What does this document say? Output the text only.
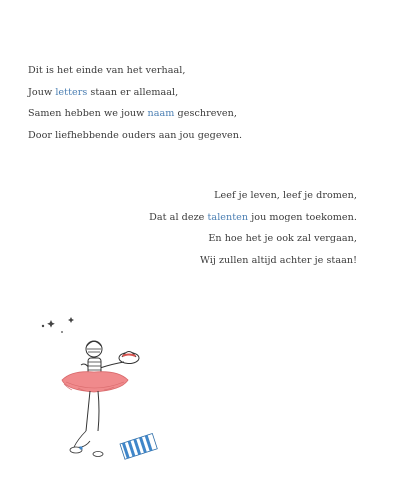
Dit is het einde van het verhaal,
Jouw letters staan er allemaal,
Samen hebben we jouw naam geschreven,
Door liefhebbende ouders aan jou gegeven.
Leef je leven, leef je dromen,
Dat al deze talenten jou mogen toekomen.
En hoe het je ook zal vergaan,
Wij zullen altijd achter je staan!
